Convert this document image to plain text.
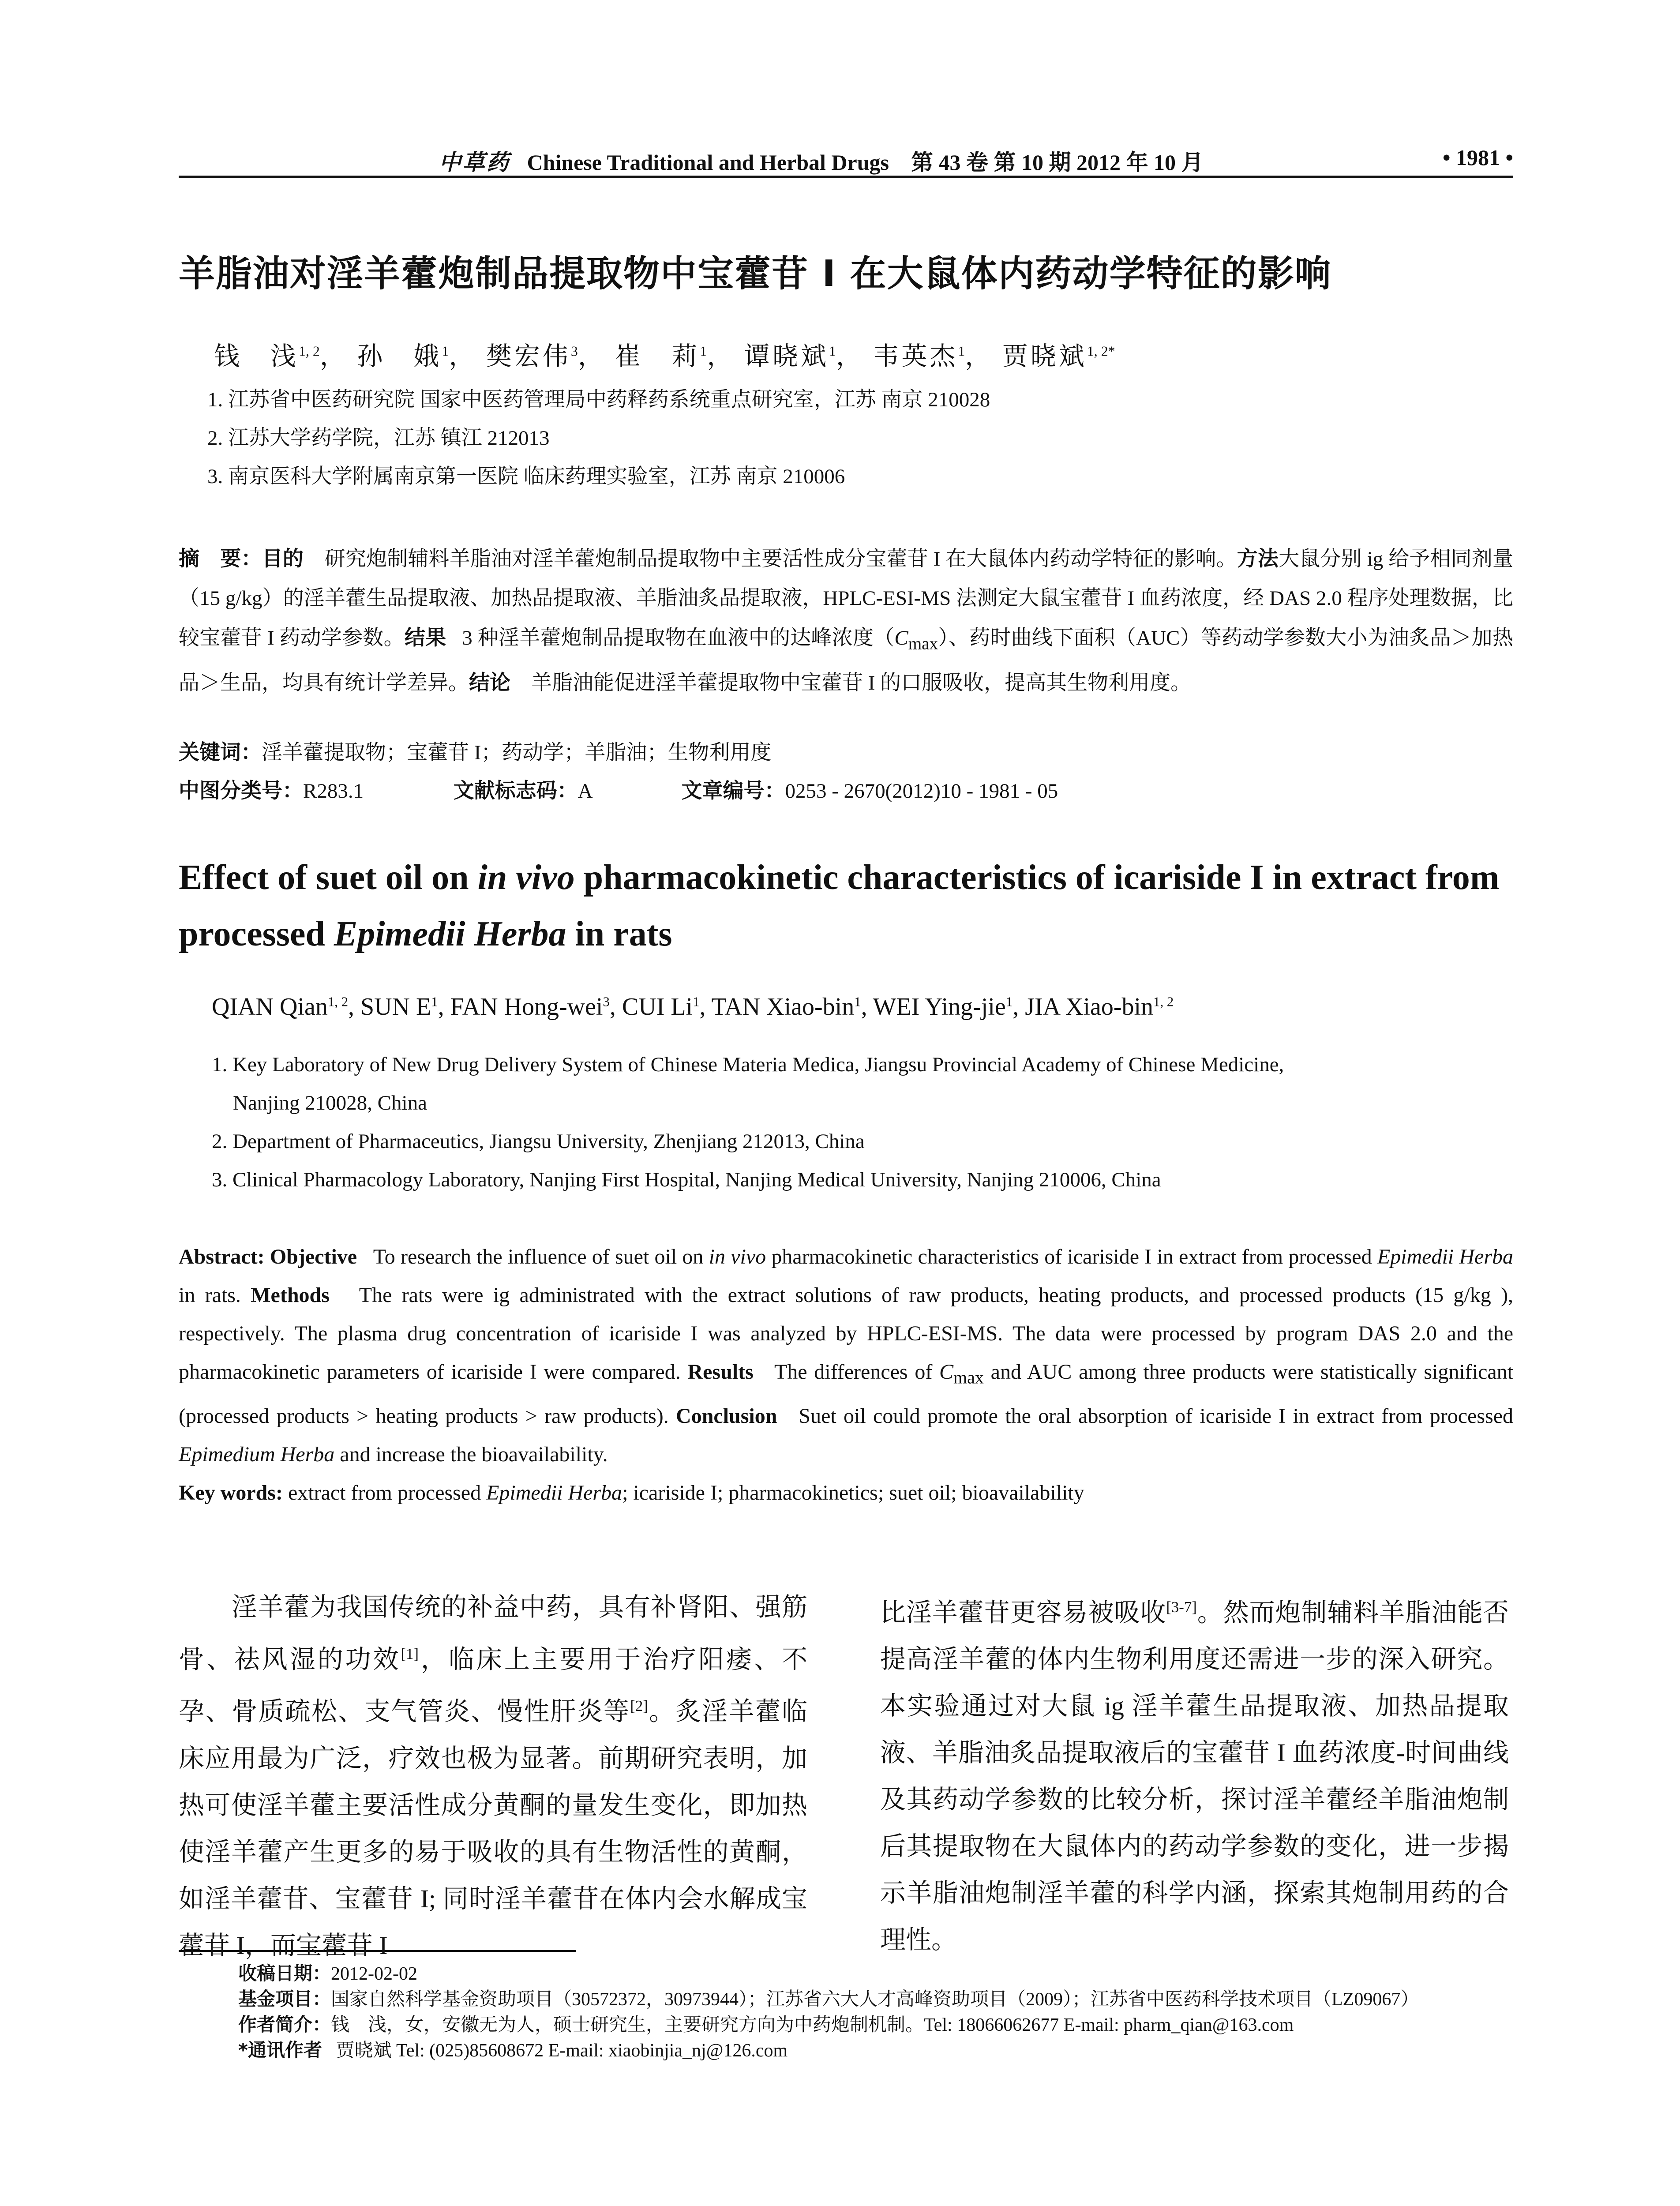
中草药 Chinese Traditional and Herbal Drugs 第 43 卷 第 10 期 2012 年 10 月	• 1981 •
羊脂油对淫羊藿炮制品提取物中宝藿苷 I 在大鼠体内药动学特征的影响
钱　浅$^{1, 2}$， 孙　娥$^1$， 樊宏伟$^3$， 崔　莉$^1$， 谭晓斌$^1$， 韦英杰$^1$， 贾晓斌$^{1, 2*}$
1. 江苏省中医药研究院 国家中医药管理局中药释药系统重点研究室，江苏 南京 210028
2. 江苏大学药学院，江苏 镇江 212013
3. 南京医科大学附属南京第一医院 临床药理实验室，江苏 南京 210006
摘　要：目的 研究炮制辅料羊脂油对淫羊藿炮制品提取物中主要活性成分宝藿苷 I 在大鼠体内药动学特征的影响。方法大鼠分别 ig 给予相同剂量（15 g/kg）的淫羊藿生品提取液、加热品提取液、羊脂油炙品提取液，HPLC-ESI-MS 法测定大鼠宝藿苷 I 血药浓度，经 DAS 2.0 程序处理数据，比较宝藿苷 I 药动学参数。结果 3 种淫羊藿炮制品提取物在血液中的达峰浓度$(C_{max})$、药时曲线下面积（AUC）等药动学参数大小为油炙品＞加热品＞生品，均具有统计学差异。结论 羊脂油能促进淫羊藿提取物中宝藿苷 I 的口服吸收，提高其生物利用度。
关键词：淫羊藿提取物；宝藿苷 I；药动学；羊脂油；生物利用度
中图分类号：R283.1	文献标志码：A	文章编号：0253 - 2670(2012)10 - 1981 - 05
Effect of suet oil on in vivo pharmacokinetic characteristics of icariside I in extract from processed Epimedii Herba in rats
QIAN Qian$^{1, 2}$, SUN $E^1$, FAN Hong-wei$^3$, CUI Li$^1$, TAN Xiao-bin$^1$, WEI Ying-jie$^1$, JIA Xiao-bin$^{1, 2}$
1. Key Laboratory of New Drug Delivery System of Chinese Materia Medica, Jiangsu Provincial Academy of Chinese Medicine,
Nanjing 210028, China
2. Department of Pharmaceutics, Jiangsu University, Zhenjiang 212013, China
3. Clinical Pharmacology Laboratory, Nanjing First Hospital, Nanjing Medical University, Nanjing 210006, China
Abstract: Objective To research the influence of suet oil on in vivo pharmacokinetic characteristics of icariside I in extract from processed Epimedii Herba in rats. Methods The rats were ig administrated with the extract solutions of raw products, heating products, and processed products (15 g/kg ), respectively. The plasma drug concentration of icariside I was analyzed by HPLC-ESI-MS. The data were processed by program DAS 2.0 and the pharmacokinetic parameters of icariside I were compared. Results The differences of $C_{max}$ and AUC among three products were statistically significant (processed products > heating products > raw products). Conclusion Suet oil could promote the oral absorption of icariside I in extract from processed Epimedium Herba and increase the bioavailability.
Key words: extract from processed Epimedii Herba; icariside I; pharmacokinetics; suet oil; bioavailability
淫羊藿为我国传统的补益中药，具有补肾阳、强筋骨、祛风湿的功效[1]，临床上主要用于治疗阳痿、不孕、骨质疏松、支气管炎、慢性肝炎等[2]。炙淫羊藿临床应用最为广泛，疗效也极为显著。前期研究表明，加热可使淫羊藿主要活性成分黄酮的量发生变化，即加热使淫羊藿产生更多的易于吸收的具有生物活性的黄酮，如淫羊藿苷、宝藿苷 I; 同时淫羊藿苷在体内会水解成宝藿苷 I，而宝藿苷 I
比淫羊藿苷更容易被吸收[3-7]。然而炮制辅料羊脂油能否提高淫羊藿的体内生物利用度还需进一步的深入研究。本实验通过对大鼠 ig 淫羊藿生品提取液、加热品提取液、羊脂油炙品提取液后的宝藿苷 I 血药浓度-时间曲线及其药动学参数的比较分析，探讨淫羊藿经羊脂油炮制后其提取物在大鼠体内的药动学参数的变化，进一步揭示羊脂油炮制淫羊藿的科学内涵，探索其炮制用药的合理性。
收稿日期：2012-02-02
基金项目：国家自然科学基金资助项目（30572372，30973944）；江苏省六大人才高峰资助项目（2009）；江苏省中医药科学技术项目（LZ09067）
作者简介：钱　浅，女，安徽无为人，硕士研究生，主要研究方向为中药炮制机制。Tel: 18066062677 E-mail: pharm_qian@163.com
*通讯作者 贾晓斌 Tel: (025)85608672 E-mail: xiaobinjia_nj@126.com
